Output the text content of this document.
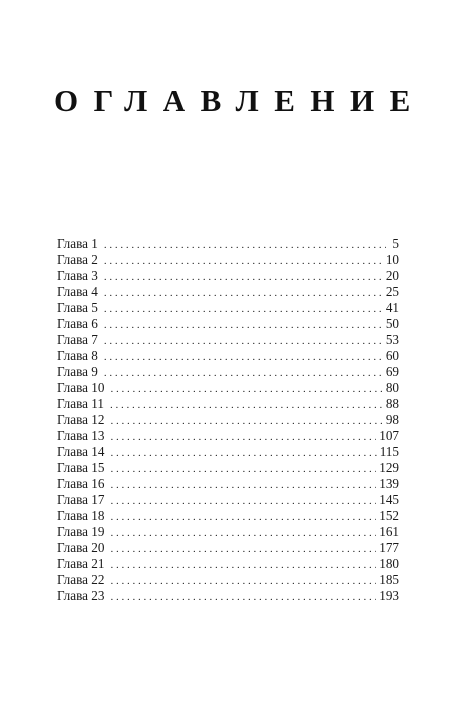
ОГЛАВЛЕНИЕ
Глава 1 . . .	5
Глава 2 . . .	10
Глава 3 . . .	20
Глава 4 . . .	25
Глава 5 . . .	41
Глава 6 . . .	50
Глава 7 . . .	53
Глава 8 . . .	60
Глава 9 . . .	69
Глава 10 . . .	80
Глава 11 . . .	88
Глава 12 . . .	98
Глава 13 . . .	107
Глава 14 . . .	115
Глава 15 . . .	129
Глава 16 . . .	139
Глава 17 . . .	145
Глава 18 . . .	152
Глава 19 . . .	161
Глава 20 . . .	177
Глава 21 . . .	180
Глава 22 . . .	185
Глава 23 . . .	193
